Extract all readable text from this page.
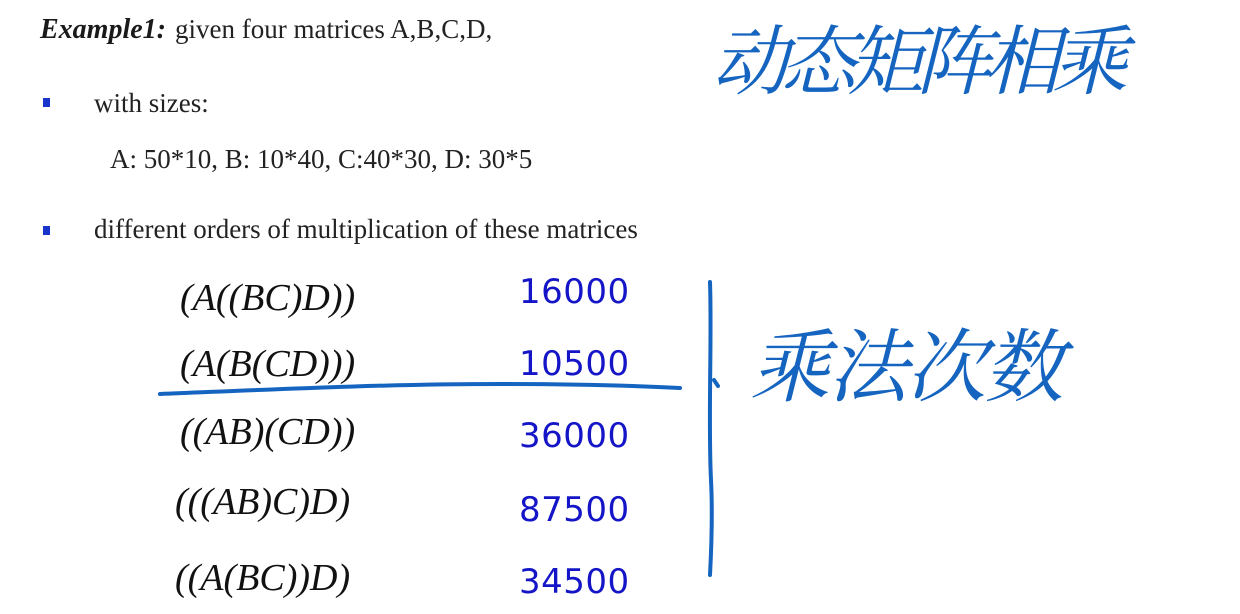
Example1: given four matrices A,B,C,D,
with sizes:
A: 50*10, B: 10*40, C:40*30, D: 30*5
different orders of multiplication of these matrices
(A((BC)D))	16000
(A(B(CD)))	10500
((AB)(CD))	36000
(((AB)C)D)	87500
((A(BC))D)	34500
动态矩阵相乘
乘法次数
